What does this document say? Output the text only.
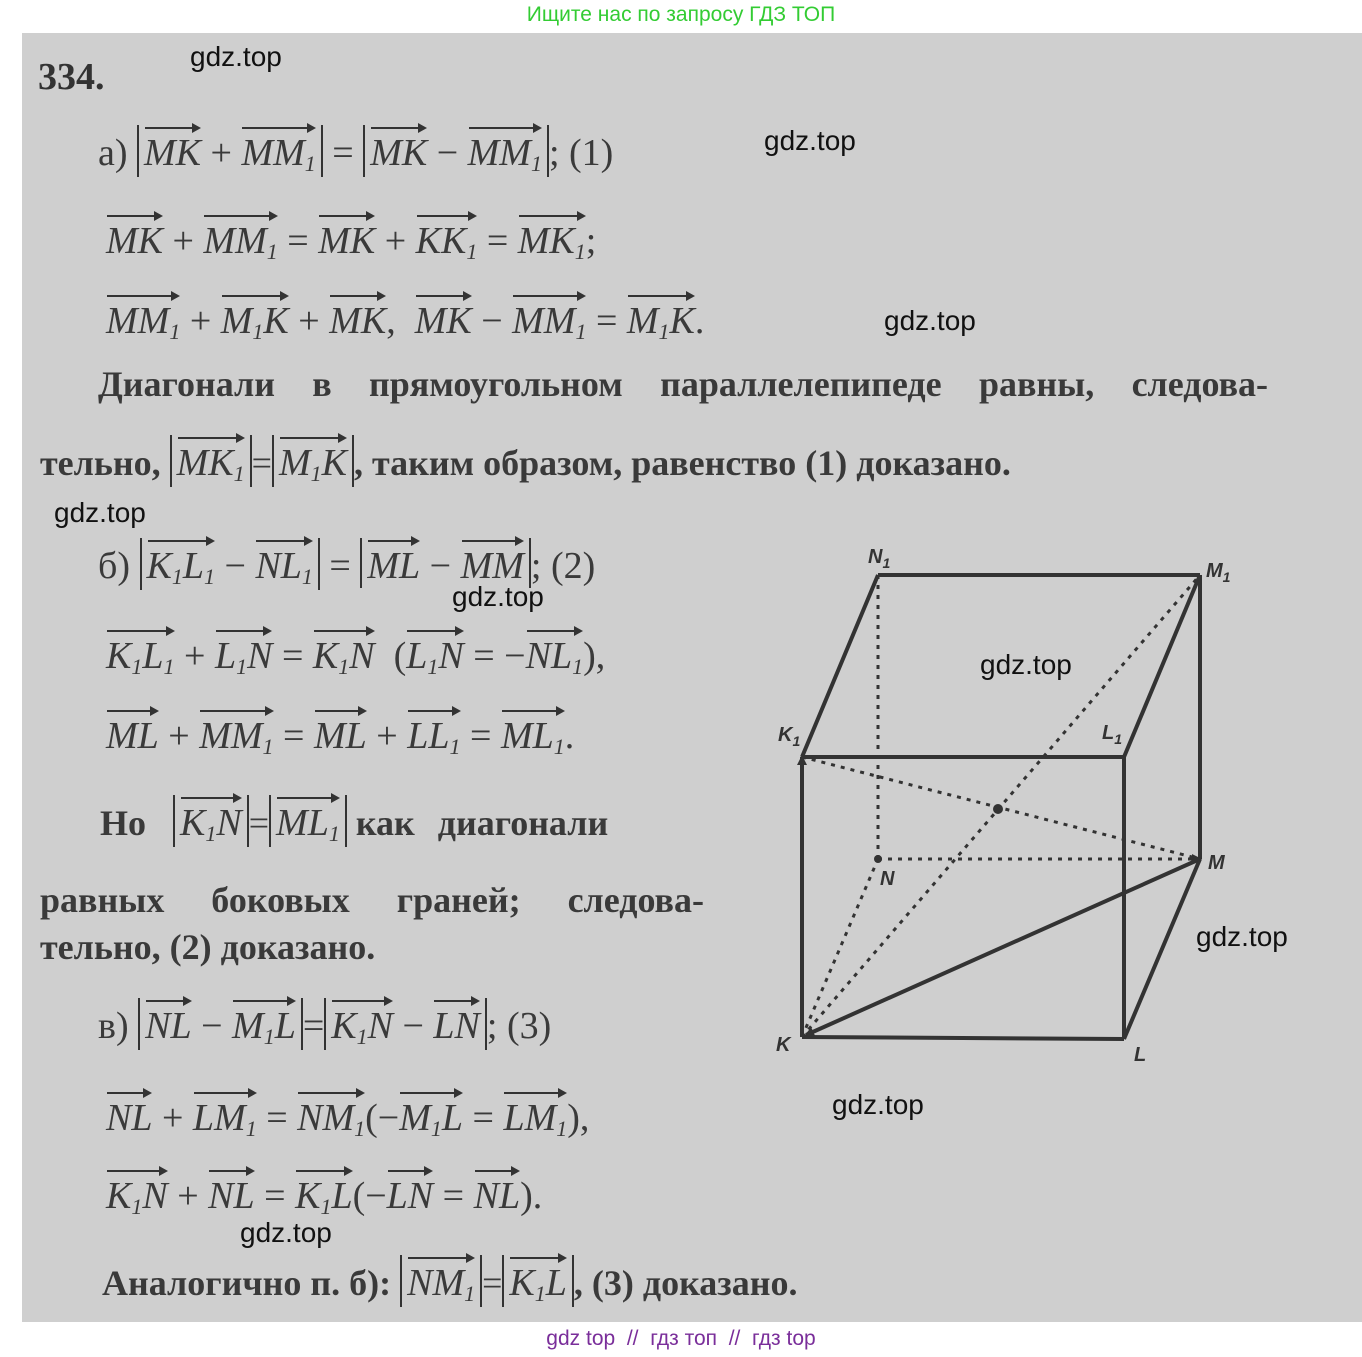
Ищите нас по запросу ГДЗ ТОП
334.
а) MK + $MM_1$ = MK − $MM_1$ ; (1)
MK + $MM_1$ = MK + $KK_1 = MK_1$;
$MM_1 + M_1K$ + MK, MK − $MM_1 = M_1K$.
Диагонали в прямоугольном параллелепипеде равны, следова-
тельно, $MK_1 = M_1K$ , таким образом, равенство (1) доказано.
б) $K_1L_1 - NL_1$ = ML − MM ; (2)
$K_1L_1 + L_1N = K_1N$  $(L_1N = -NL_1)$,
ML + $MM_1$ = ML + $LL_1 = ML_1$.
Но $K_1N = ML_1$ как диагонали
равных боковых граней; следова-
тельно, (2) доказано.
в) NL − $M_1L = K_1N$ − LN ; (3)
NL + $LM_1 = NM_1(-M_1L = LM_1)$,
$K_1N$ + NL = $K_1L(-LN = NL)$.
Аналогично п. б): $NM_1 = K_1L$ , (3) доказано.
$N_1$	$M_1$
$K_1$	$L_1$
N
M
K	L
gdz.top
gdz.top
gdz.top
gdz.top
gdz.top
gdz.top
gdz.top
gdz.top
gdz.top
gdz top  //  гдз топ  //  гдз top
